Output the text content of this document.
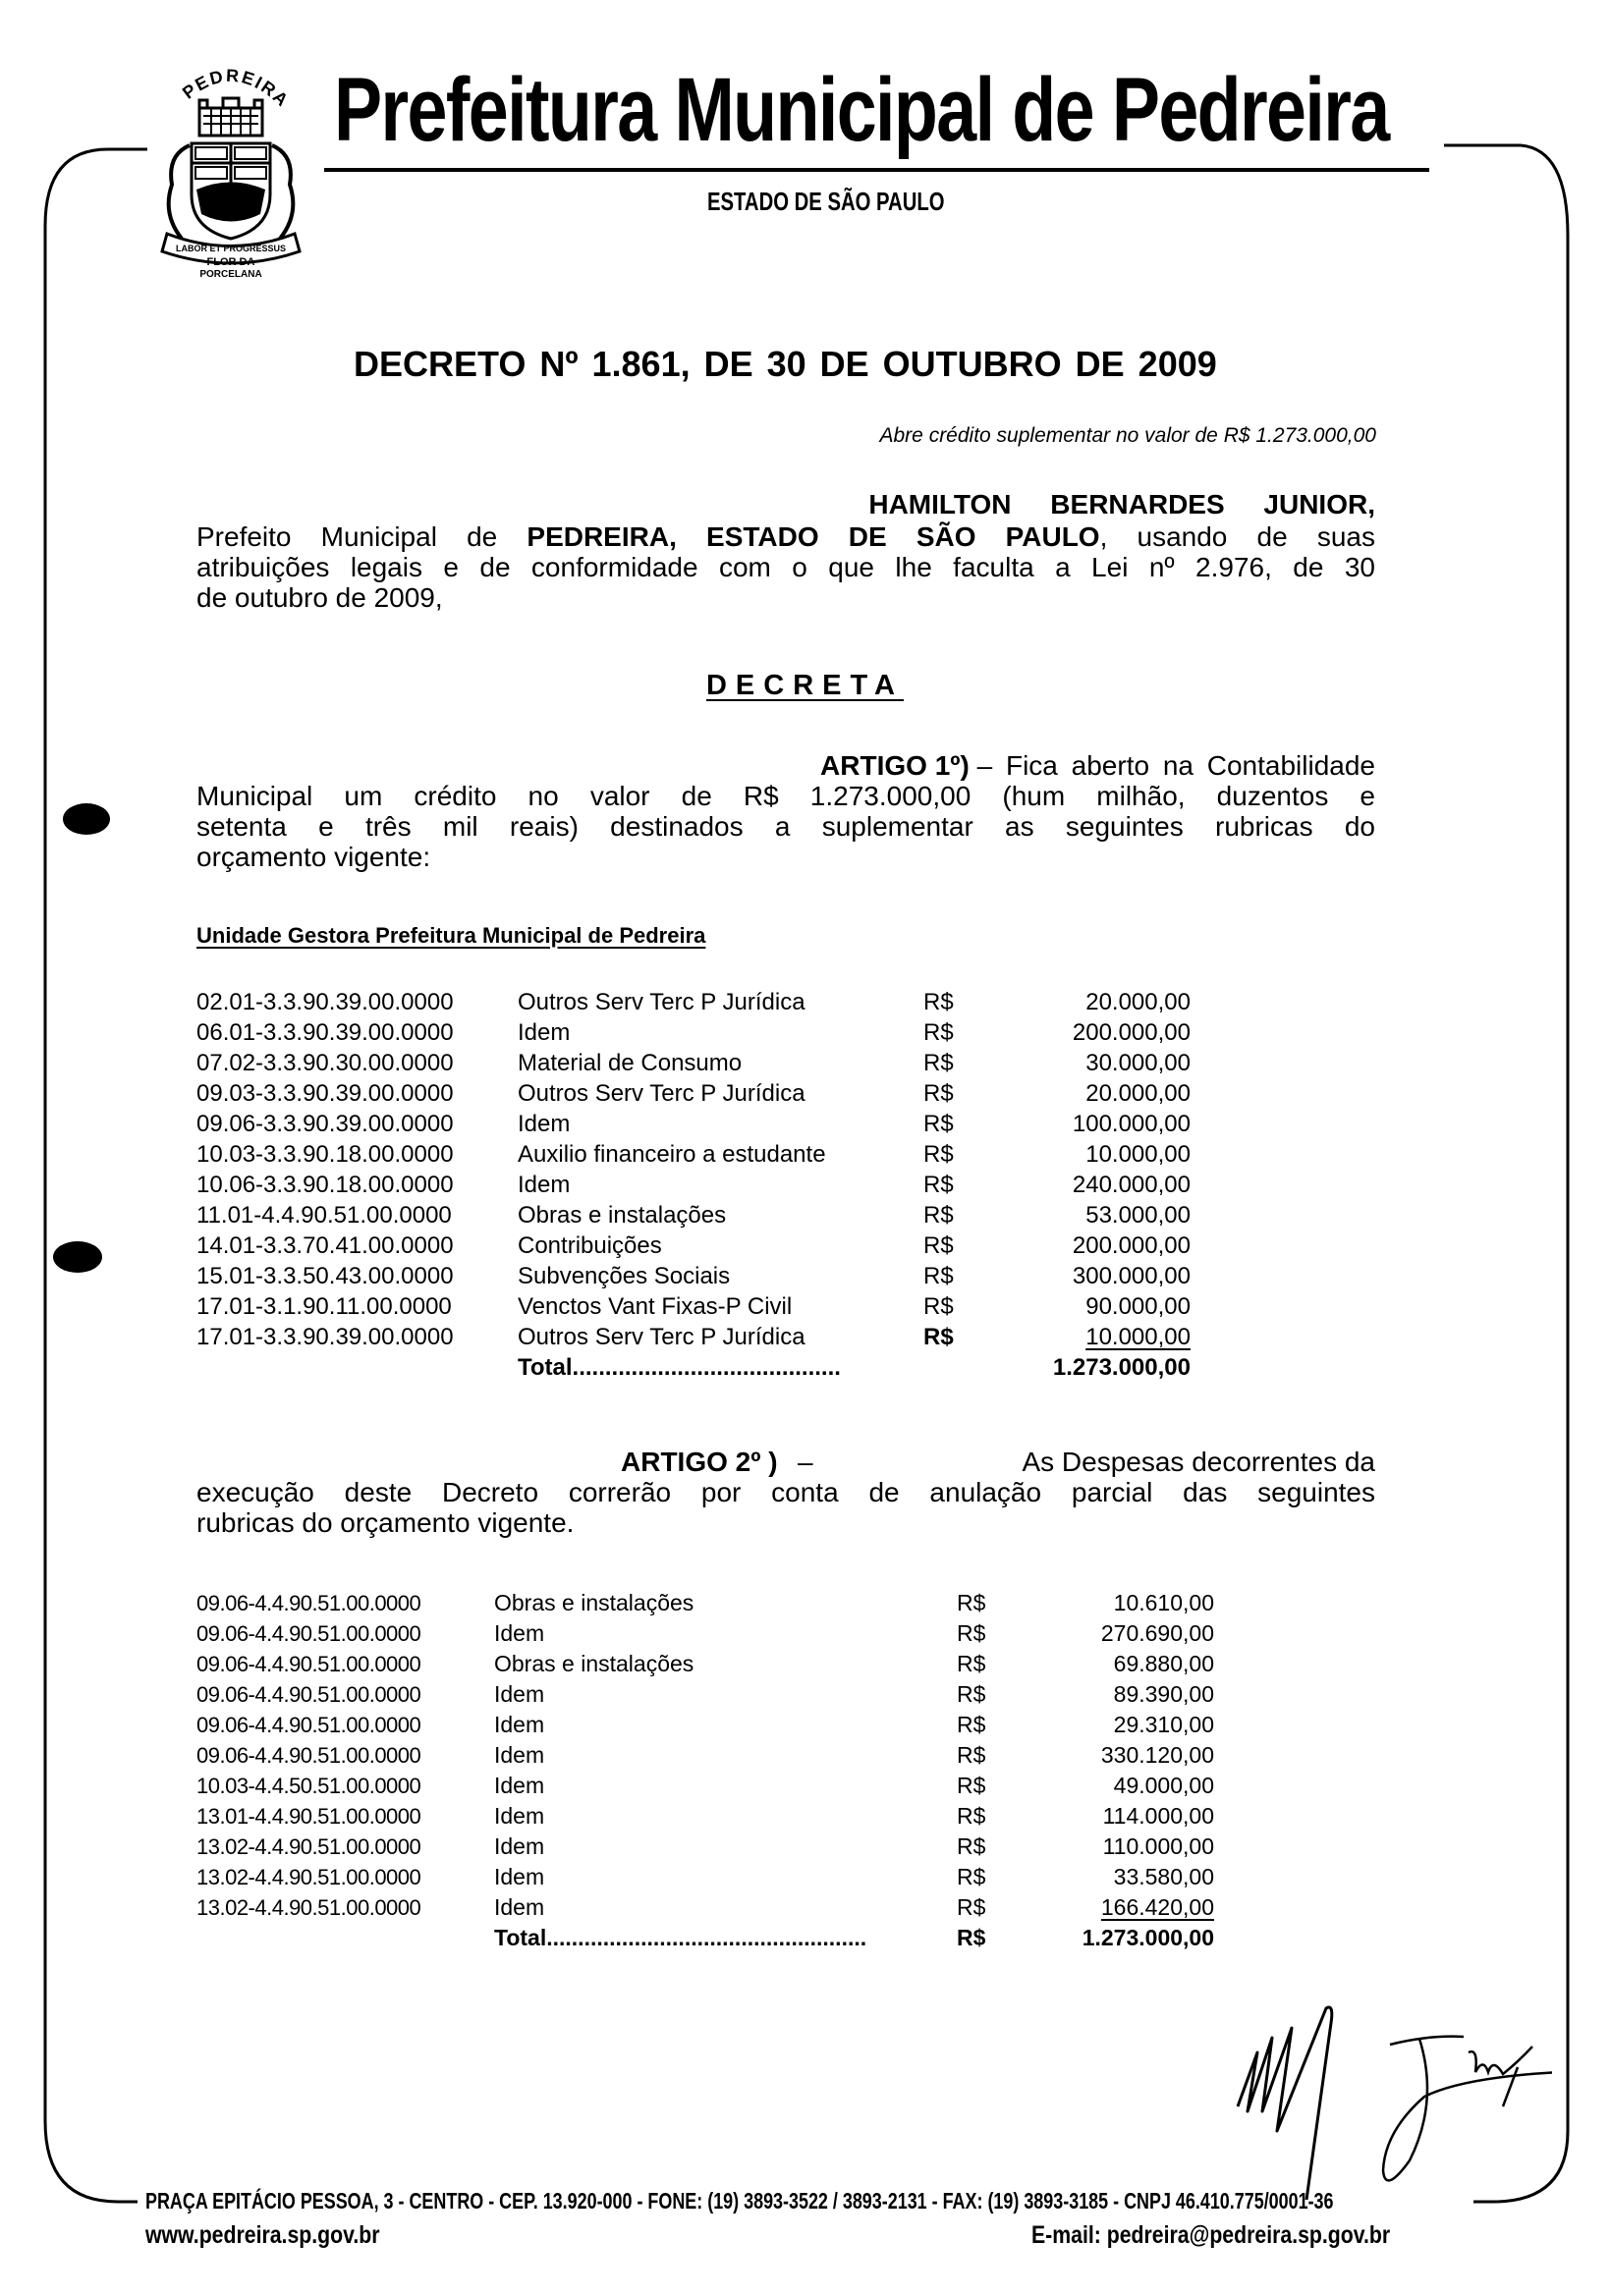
PEDREIRA
LABOR ET PROGRESSUS
FLOR DA
PORCELANA
Prefeitura Municipal de Pedreira
ESTADO DE SÃO PAULO
DECRETO Nº 1.861, DE 30 DE OUTUBRO DE 2009
Abre crédito suplementar no valor de R$ 1.273.000,00
HAMILTON BERNARDES JUNIOR,
Prefeito Municipal de PEDREIRA, ESTADO DE SÃO PAULO, usando de suas
atribuições legais e de conformidade com o que lhe faculta a Lei nº 2.976, de 30
de outubro de 2009,
DECRETA
ARTIGO 1º) – Fica aberto na Contabilidade
Municipal um crédito no valor de R$ 1.273.000,00 (hum milhão, duzentos e
setenta e três mil reais) destinados a suplementar as seguintes rubricas do
orçamento vigente:
Unidade Gestora Prefeitura Municipal de Pedreira
02.01-3.3.90.39.00.0000	Outros Serv Terc P Jurídica	R$	20.000,00
06.01-3.3.90.39.00.0000	Idem	R$	200.000,00
07.02-3.3.90.30.00.0000	Material de Consumo	R$	30.000,00
09.03-3.3.90.39.00.0000	Outros Serv Terc P Jurídica	R$	20.000,00
09.06-3.3.90.39.00.0000	Idem	R$	100.000,00
10.03-3.3.90.18.00.0000	Auxilio financeiro a estudante	R$	10.000,00
10.06-3.3.90.18.00.0000	Idem	R$	240.000,00
11.01-4.4.90.51.00.0000	Obras e instalações	R$	53.000,00
14.01-3.3.70.41.00.0000	Contribuições	R$	200.000,00
15.01-3.3.50.43.00.0000	Subvenções Sociais	R$	300.000,00
17.01-3.1.90.11.00.0000	Venctos Vant Fixas-P Civil	R$	90.000,00
17.01-3.3.90.39.00.0000	Outros Serv Terc P Jurídica	R$	10.000,00
Total.........................................	1.273.000,00
ARTIGO 2º ) –	As Despesas decorrentes da
execução deste Decreto correrão por conta de anulação parcial das seguintes
rubricas do orçamento vigente.
09.06-4.4.90.51.00.0000	Obras e instalações	R$	10.610,00
09.06-4.4.90.51.00.0000	Idem	R$	270.690,00
09.06-4.4.90.51.00.0000	Obras e instalações	R$	69.880,00
09.06-4.4.90.51.00.0000	Idem	R$	89.390,00
09.06-4.4.90.51.00.0000	Idem	R$	29.310,00
09.06-4.4.90.51.00.0000	Idem	R$	330.120,00
10.03-4.4.50.51.00.0000	Idem	R$	49.000,00
13.01-4.4.90.51.00.0000	Idem	R$	114.000,00
13.02-4.4.90.51.00.0000	Idem	R$	110.000,00
13.02-4.4.90.51.00.0000	Idem	R$	33.580,00
13.02-4.4.90.51.00.0000	Idem	R$	166.420,00
Total...................................................	R$	1.273.000,00
PRAÇA EPITÁCIO PESSOA, 3 - CENTRO - CEP. 13.920-000 - FONE: (19) 3893-3522 / 3893-2131 - FAX: (19) 3893-3185 - CNPJ 46.410.775/0001-36
www.pedreira.sp.gov.br	E-mail: pedreira@pedreira.sp.gov.br
